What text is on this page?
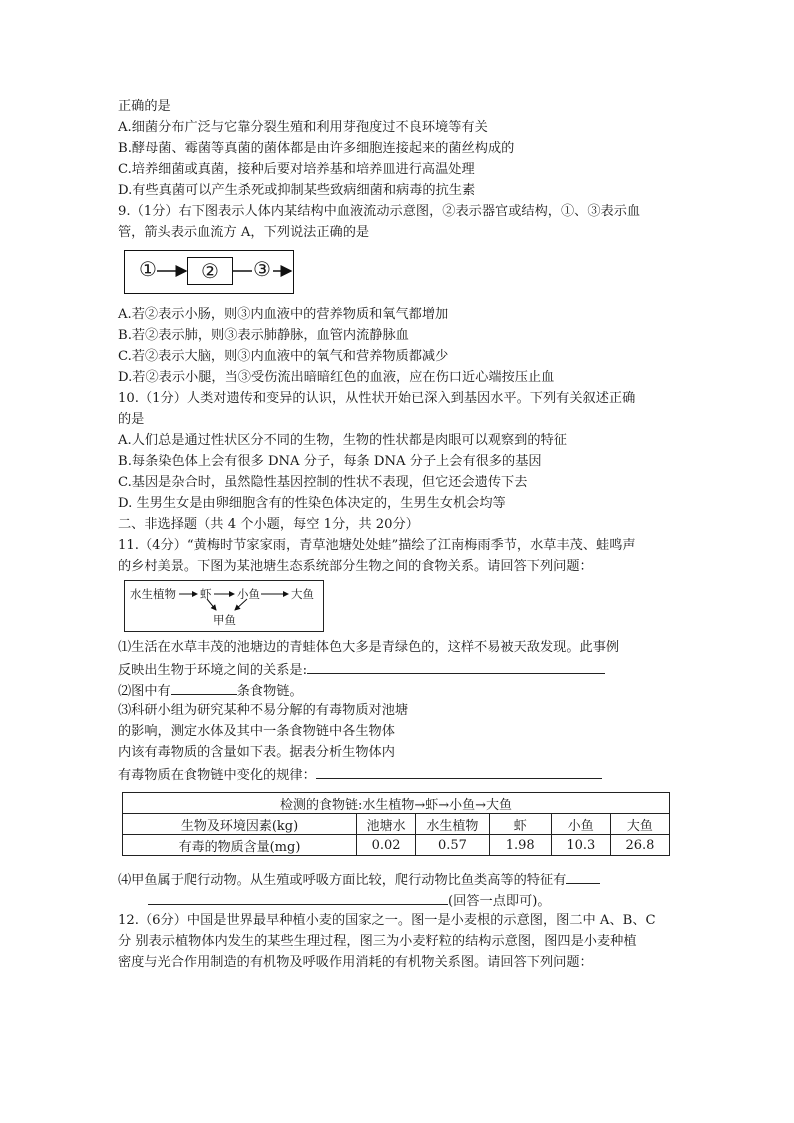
正确的是
A.细菌分布广泛与它靠分裂生殖和利用芽孢度过不良环境等有关
B.酵母菌、霉菌等真菌的菌体都是由许多细胞连接起来的菌丝构成的
C.培养细菌或真菌，接种后要对培养基和培养皿进行高温处理
D.有些真菌可以产生杀死或抑制某些致病细菌和病毒的抗生素
9.（1分）右下图表示人体内某结构中血液流动示意图，②表示器官或结构，①、③表示血
管，箭头表示血流方 A，下列说法正确的是
①	②	③
A.若②表示小肠，则③内血液中的营养物质和氧气都增加
B.若②表示肺，则③表示肺静脉，血管内流静脉血
C.若②表示大脑，则③内血液中的氧气和营养物质都减少
D.若②表示小腿，当③受伤流出暗暗红色的血液，应在伤口近心端按压止血
10.（1分）人类对遗传和变异的认识，从性状开始已深入到基因水平。下列有关叙述正确
的是
A.人们总是通过性状区分不同的生物，生物的性状都是肉眼可以观察到的特征
B.每条染色体上会有很多 DNA 分子，每条 DNA 分子上会有很多的基因
C.基因是杂合时，虽然隐性基因控制的性状不表现，但它还会遗传下去
D. 生男生女是由卵细胞含有的性染色体决定的，生男生女机会均等
二、非选择题（共 4 个小题，每空 1分，共 20分）
11.（4分）“黄梅时节家家雨，青草池塘处处蛙”描绘了江南梅雨季节，水草丰茂、蛙鸣声
的乡村美景。下图为某池塘生态系统部分生物之间的食物关系。请回答下列问题：
水生植物 虾 小鱼	大鱼
甲鱼
⑴生活在水草丰茂的池塘边的青蛙体色大多是青绿色的，这样不易被天敌发现。此事例
反映出生物于环境之间的关系是:
⑵图中有	条食物链。
⑶科研小组为研究某种不易分解的有毒物质对池塘
的影响，测定水体及其中一条食物链中各生物体
内该有毒物质的含量如下表。据表分析生物体内
有毒物质在食物链中变化的规律：
检测的食物链:水生植物→虾→小鱼→大鱼					
生物及环境因素(kg)	池塘水	水生植物	虾	小鱼	大鱼
有毒的物质含量(mg)	0.02	0.57	1.98	10.3	26.8
⑷甲鱼属于爬行动物。从生殖或呼吸方面比较，爬行动物比鱼类高等的特征有
(回答一点即可)。
12.（6分）中国是世界最早种植小麦的国家之一。图一是小麦根的示意图，图二中 A、B、C
分 别表示植物体内发生的某些生理过程，图三为小麦籽粒的结构示意图，图四是小麦种植
密度与光合作用制造的有机物及呼吸作用消耗的有机物关系图。请回答下列问题：
